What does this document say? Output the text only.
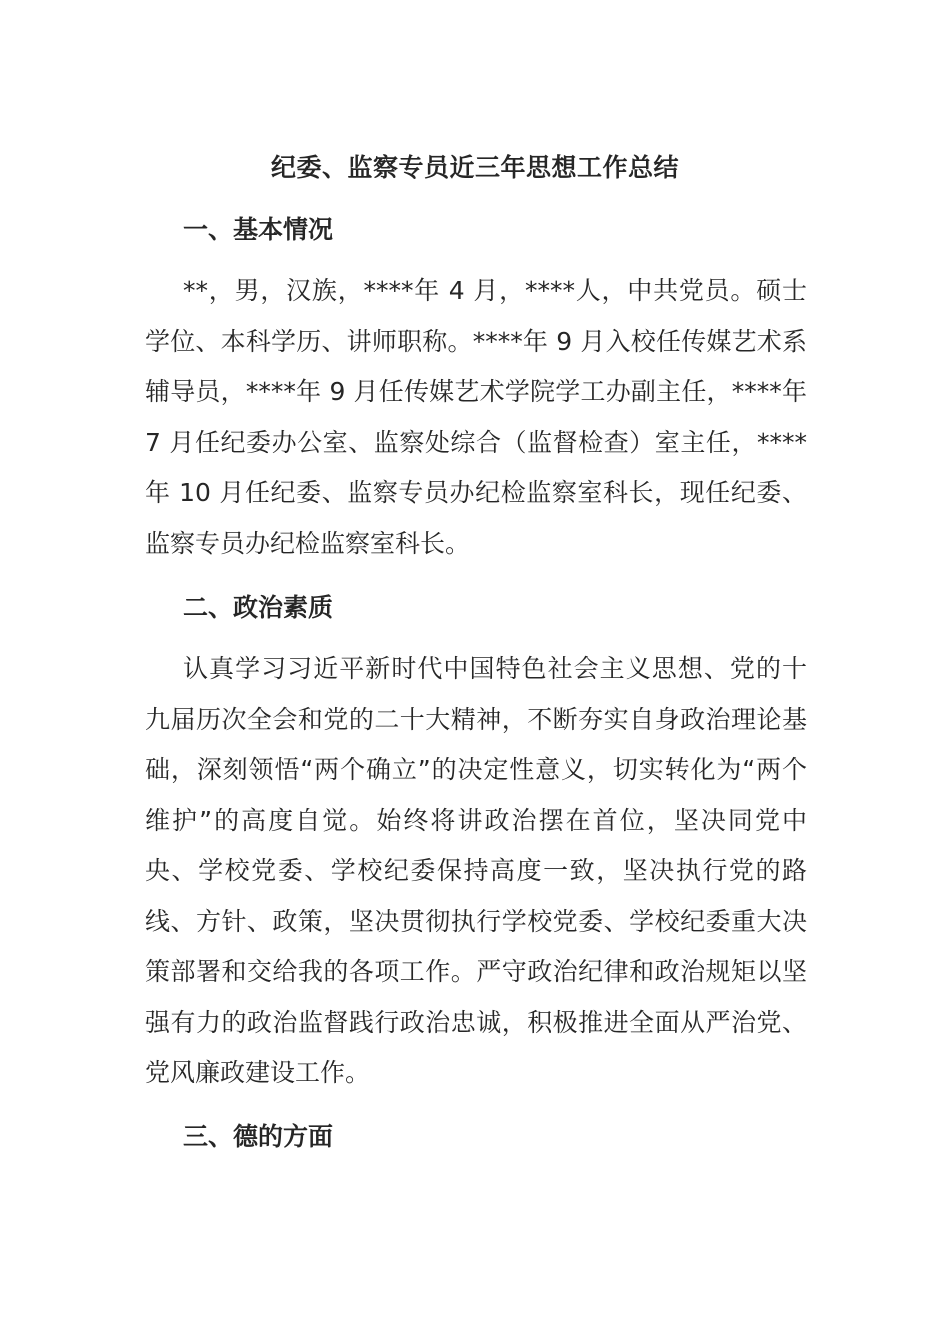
纪委、监察专员近三年思想工作总结
一、基本情况
**，男，汉族，****年 4 月，****人，中共党员。硕士学位、本科学历、讲师职称。****年 9 月入校任传媒艺术系辅导员，****年 9 月任传媒艺术学院学工办副主任，****年 7 月任纪委办公室、监察处综合（监督检查）室主任，****年 10 月任纪委、监察专员办纪检监察室科长，现任纪委、监察专员办纪检监察室科长。
二、政治素质
认真学习习近平新时代中国特色社会主义思想、党的十九届历次全会和党的二十大精神，不断夯实自身政治理论基础，深刻领悟“两个确立”的决定性意义，切实转化为“两个维护”的高度自觉。始终将讲政治摆在首位，坚决同党中央、学校党委、学校纪委保持高度一致，坚决执行党的路线、方针、政策，坚决贯彻执行学校党委、学校纪委重大决策部署和交给我的各项工作。严守政治纪律和政治规矩以坚强有力的政治监督践行政治忠诚，积极推进全面从严治党、党风廉政建设工作。
三、德的方面
